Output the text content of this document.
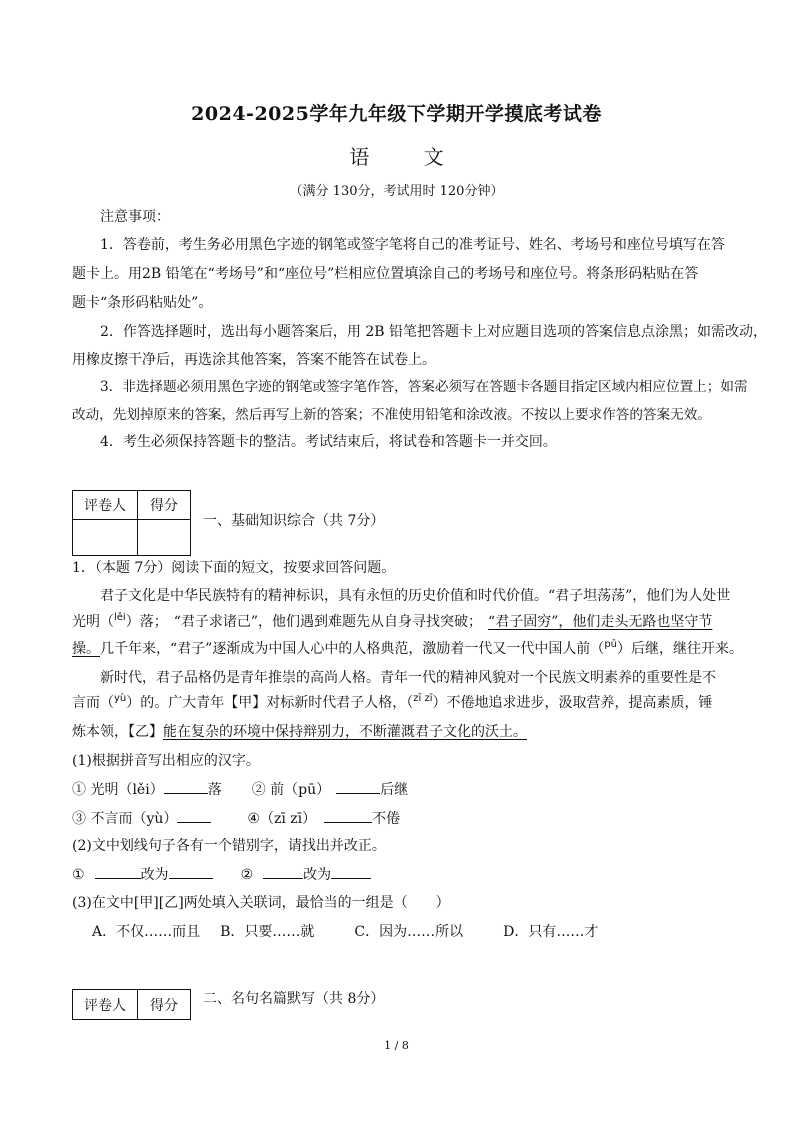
2024-2025学年九年级下学期开学摸底考试卷
语 文
（满分 130分，考试用时 120分钟）
注意事项：
1．答卷前，考生务必用黑色字迹的钢笔或签字笔将自己的准考证号、姓名、考场号和座位号填写在答
题卡上。用2B 铅笔在“考场号”和“座位号”栏相应位置填涂自己的考场号和座位号。将条形码粘贴在答
题卡“条形码粘贴处”。
2．作答选择题时，选出每小题答案后，用 2B 铅笔把答题卡上对应题目选项的答案信息点涂黑；如需改动，
用橡皮擦干净后，再选涂其他答案，答案不能答在试卷上。
3．非选择题必须用黑色字迹的钢笔或签字笔作答，答案必须写在答题卡各题目指定区域内相应位置上；如需
改动，先划掉原来的答案，然后再写上新的答案；不准使用铅笔和涂改液。不按以上要求作答的答案无效。
4．考生必须保持答题卡的整洁。考试结束后，将试卷和答题卡一并交回。
评卷人	得分

一、基础知识综合（共 7分）
1．（本题 7分）阅读下面的短文，按要求回答问题。
君子文化是中华民族特有的精神标识，具有永恒的历史价值和时代价值。“君子坦荡荡”，他们为人处世
光明（$^{lěi}$）落； “君子求诸己”，他们遇到难题先从自身寻找突破； “君子固穷”，他们走头无路也坚守节
操。几千年来，“君子”逐渐成为中国人心中的人格典范，激励着一代又一代中国人前（$^{pū}$）后继，继往开来。
新时代，君子品格仍是青年推崇的高尚人格。青年一代的精神风貌对一个民族文明素养的重要性是不
言而（$^{yù}$）的。广大青年【甲】对标新时代君子人格，（$^{zī zī}$）不倦地追求进步，汲取营养，提高素质，锤
炼本领，【乙】能在复杂的环境中保持辩别力，不断灌溉君子文化的沃土。
(1)根据拼音写出相应的汉字。
① 光明（lěi）	落 ② 前（pū）	后继
③ 不言而（yù）	④（zī zī）	不倦
(2)文中划线句子各有一个错别字，请找出并改正。
①	改为	②	改为
(3)在文中[甲][乙]两处填入关联词，最恰当的一组是（　　）
A．不仅……而且 B．只要……就	C．因为……所以	D．只有……才
评卷人	得分 二、名句名篇默写（共 8分）
1 / 8
